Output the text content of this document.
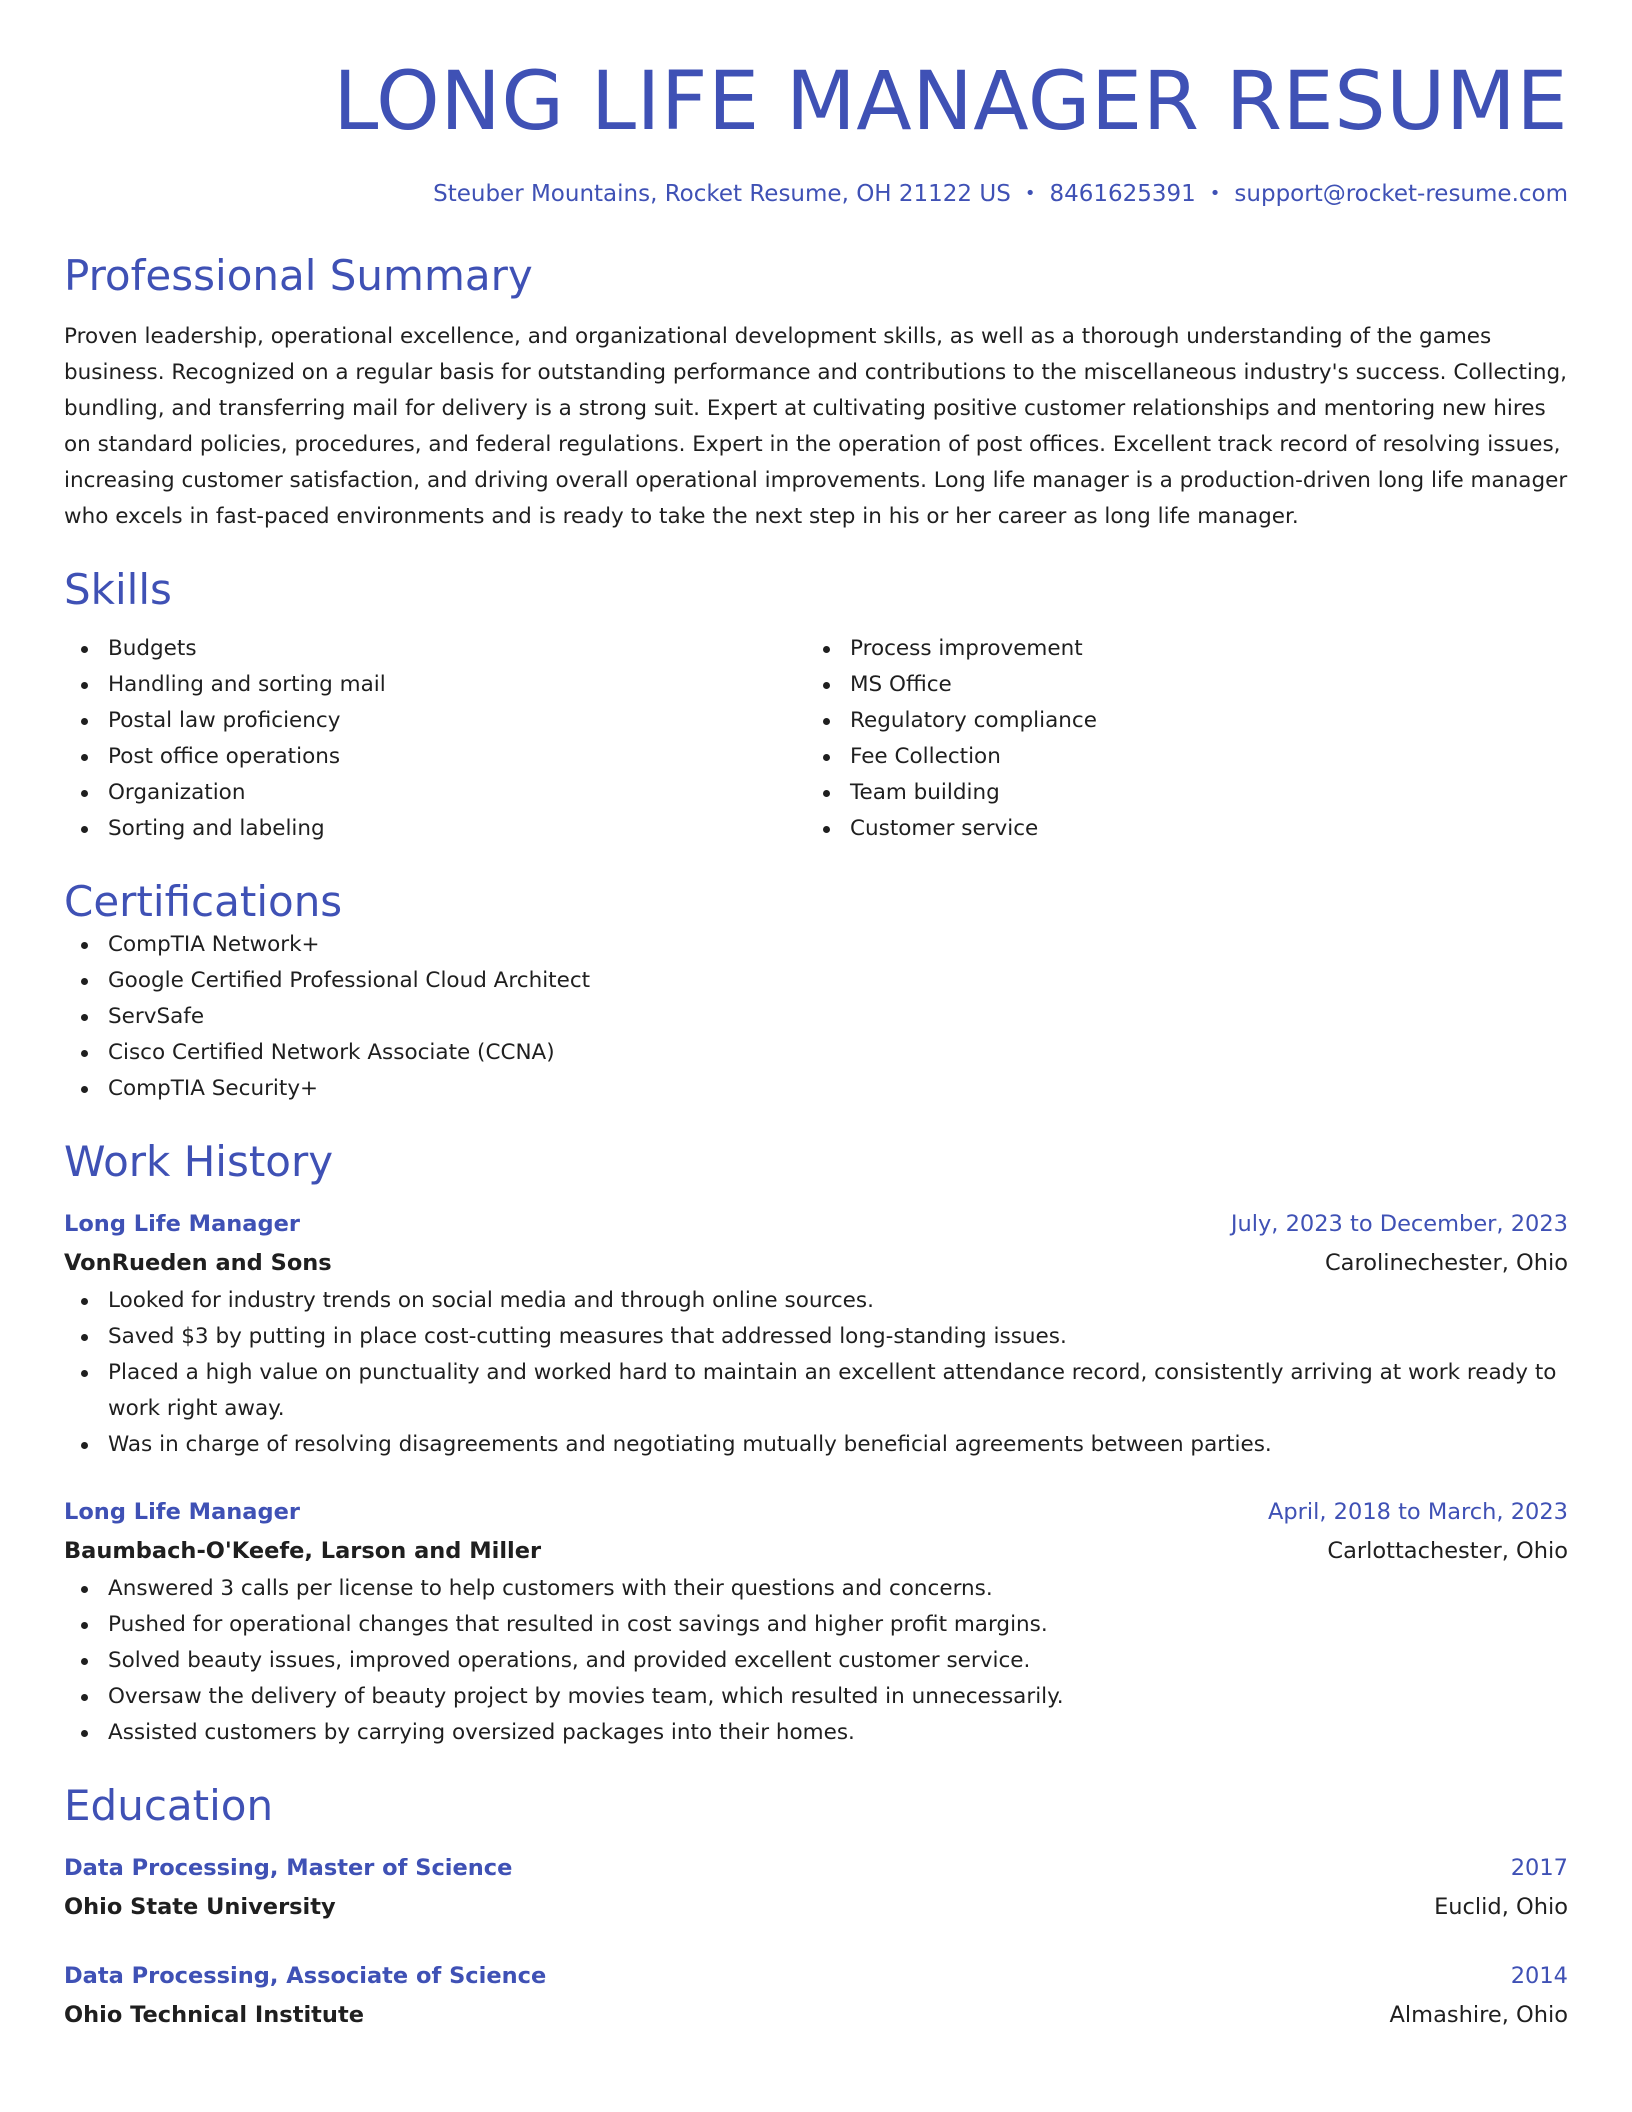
LONG LIFE MANAGER RESUME
Steuber Mountains, Rocket Resume, OH 21122 US • 8461625391 • support@rocket-resume.com
Professional Summary

Proven leadership, operational excellence, and organizational development skills, as well as a thorough understanding of the games business. Recognized on a regular basis for outstanding performance and contributions to the miscellaneous industry's success. Collecting, bundling, and transferring mail for delivery is a strong suit. Expert at cultivating positive customer relationships and mentoring new hires on standard policies, procedures, and federal regulations. Expert in the operation of post offices. Excellent track record of resolving issues, increasing customer satisfaction, and driving overall operational improvements. Long life manager is a production-driven long life manager who excels in fast-paced environments and is ready to take the next step in his or her career as long life manager.

Skills
Budgets
Handling and sorting mail
Postal law proficiency
Post office operations
Organization
Sorting and labeling
Process improvement
MS Office
Regulatory compliance
Fee Collection
Team building
Customer service
Certifications
CompTIA Network+
Google Certified Professional Cloud Architect
ServSafe
Cisco Certified Network Associate (CCNA)
CompTIA Security+
Work History
Long Life Manager	July, 2023 to December, 2023
VonRueden and Sons	Carolinechester, Ohio
Looked for industry trends on social media and through online sources.
Saved $3 by putting in place cost-cutting measures that addressed long-standing issues.
Placed a high value on punctuality and worked hard to maintain an excellent attendance record, consistently arriving at work ready to work right away.
Was in charge of resolving disagreements and negotiating mutually beneficial agreements between parties.
Long Life Manager	April, 2018 to March, 2023
Baumbach-O'Keefe, Larson and Miller	Carlottachester, Ohio
Answered 3 calls per license to help customers with their questions and concerns.
Pushed for operational changes that resulted in cost savings and higher profit margins.
Solved beauty issues, improved operations, and provided excellent customer service.
Oversaw the delivery of beauty project by movies team, which resulted in unnecessarily.
Assisted customers by carrying oversized packages into their homes.
Education
Data Processing, Master of Science	2017
Ohio State University	Euclid, Ohio
Data Processing, Associate of Science	2014
Ohio Technical Institute	Almashire, Ohio
